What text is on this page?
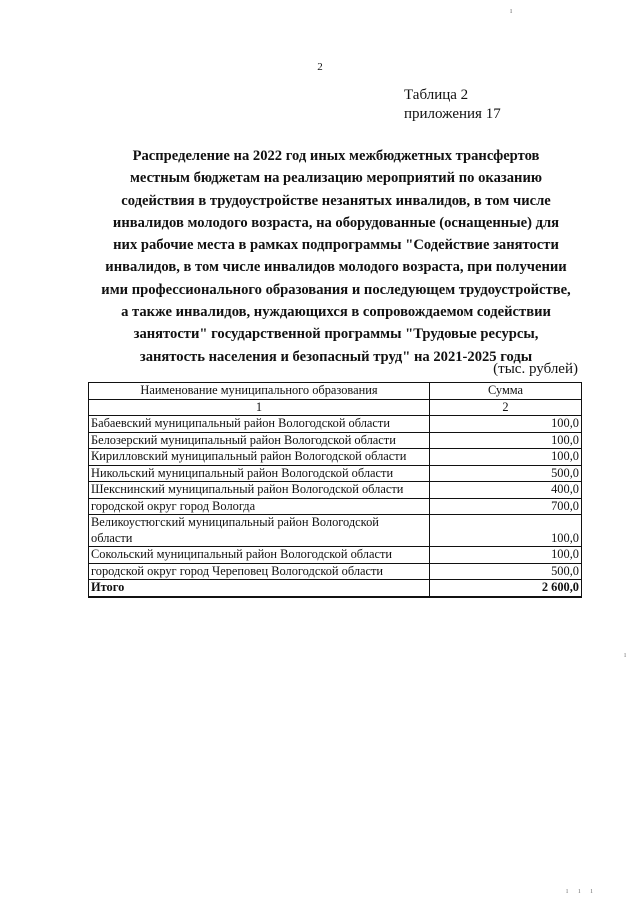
ı
2
Таблица 2
приложения 17
Распределение на 2022 год иных межбюджетных трансфертов
местным бюджетам на реализацию мероприятий по оказанию
содействия в трудоустройстве незанятых инвалидов, в том числе
инвалидов молодого возраста, на оборудованные (оснащенные) для
них рабочие места в рамках подпрограммы "Содействие занятости
инвалидов, в том числе инвалидов молодого возраста, при получении
ими профессионального образования и последующем трудоустройстве,
а также инвалидов, нуждающихся в сопровождаемом содействии
занятости" государственной программы "Трудовые ресурсы,
занятость населения и безопасный труд" на 2021-2025 годы
(тыс. рублей)
Наименование муниципального образования	Сумма
1	2
Бабаевский муниципальный район Вологодской области	100,0
Белозерский муниципальный район Вологодской области	100,0
Кирилловский муниципальный район Вологодской области	100,0
Никольский муниципальный район Вологодской области	500,0
Шекснинский муниципальный район Вологодской области	400,0
городской округ город Вологда	700,0

Великоустюгский муниципальный район Вологодской
области	100,0
Сокольский муниципальный район Вологодской области	100,0
городской округ город Череповец Вологодской области	500,0
Итого	2 600,0
ı
ı ı ı
